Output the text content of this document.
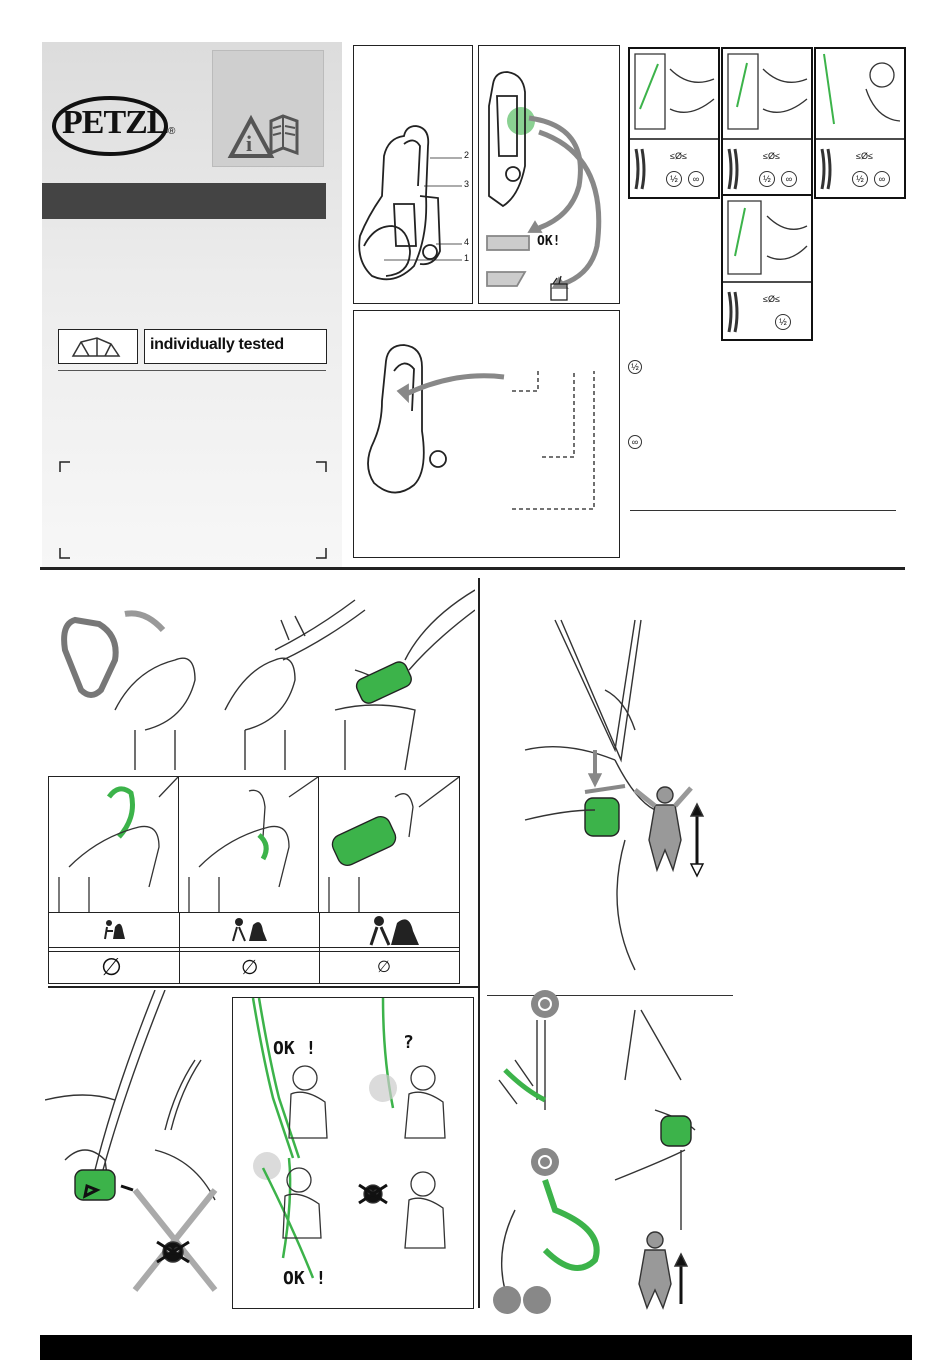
PETZL ®	i
individually tested
2
3
4
1
OK!
≤Ø≤
½	∞
≤Ø≤
½	∞
≤Ø≤
½	∞
≤Ø≤
½
½
∞
∅	∅	∅
OK !	?
OK !
